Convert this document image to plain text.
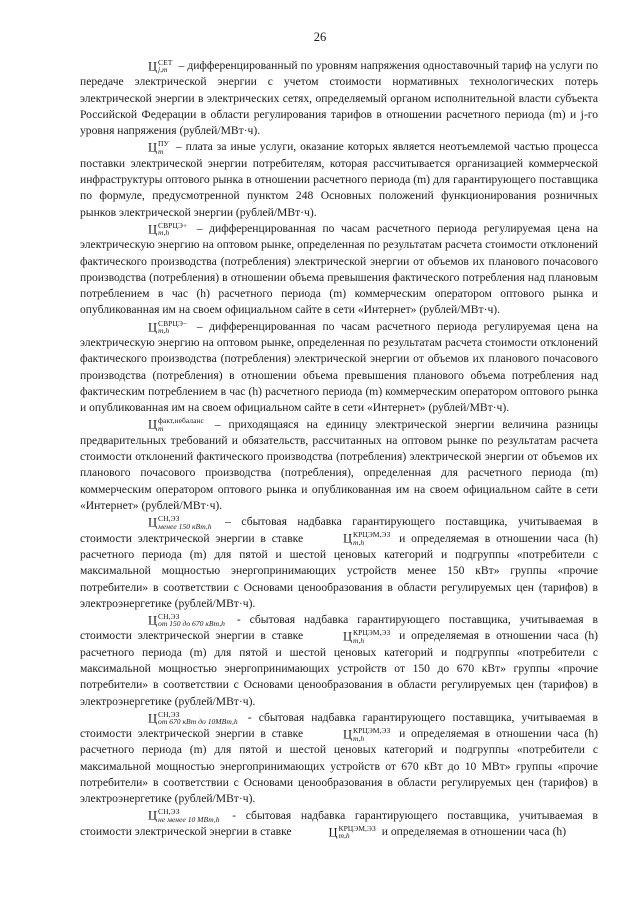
26

Ц СЕТ
j,m – дифференцированный по уровням напряжения одноставочный тариф на услуги по передаче электрической энергии с учетом стоимости нормативных технологических потерь электрической энергии в электрических сетях, определяемый органом исполнительной власти субъекта Российской Федерации в области регулирования тарифов в отношении расчетного периода (m) и j-го уровня напряжения (рублей/МВт·ч).

Ц ПУ
m – плата за иные услуги, оказание которых является неотъемлемой частью процесса поставки электрической энергии потребителям, которая рассчитывается организацией коммерческой инфраструктуры оптового рынка в отношении расчетного периода (m) для гарантирующего поставщика по формуле, предусмотренной пунктом 248 Основных положений функционирования розничных рынков электрической энергии (рублей/МВт·ч).

Ц СВРЦЭ+
m,h	– дифференцированная по часам расчетного периода регулируемая цена на электрическую энергию на оптовом рынке, определенная по результатам расчета стоимости отклонений фактического производства (потребления) электрической энергии от объемов их планового почасового производства (потребления) в отношении объема превышения фактического потребления над плановым потреблением в час (h) расчетного периода (m) коммерческим оператором оптового рынка и опубликованная им на своем официальном сайте в сети «Интернет» (рублей/МВт·ч).

Ц СВРЦЭ−
m,h	– дифференцированная по часам расчетного периода регулируемая цена на электрическую энергию на оптовом рынке, определенная по результатам расчета стоимости отклонений фактического производства (потребления) электрической энергии от объемов их планового почасового производства (потребления) в отношении объема превышения планового объема потребления над фактическим потреблением в час (h) расчетного периода (m) коммерческим оператором оптового рынка и опубликованная им на своем официальном сайте в сети «Интернет» (рублей/МВт·ч).

Ц факт,небаланс
m	– приходящаяся на единицу электрической энергии величина разницы предварительных требований и обязательств, рассчитанных на оптовом рынке по результатам расчета стоимости отклонений фактического производства (потребления) электрической энергии от объемов их планового почасового производства (потребления), определенная для расчетного периода (m) коммерческим оператором оптового рынка и опубликованная им на своем официальном сайте в сети «Интернет» (рублей/МВт·ч).

Ц СН,ЭЗ
менее 150 кВт,h – сбытовая надбавка гарантирующего поставщика, учитываемая в стоимости электрической энергии в ставке	Ц КРЦЭМ,ЭЗ
m,h	и определяемая в отношении часа (h) расчетного периода (m) для пятой и шестой ценовых категорий и подгруппы «потребители с максимальной мощностью энергопринимающих устройств менее 150 кВт» группы «прочие потребители» в соответствии с Основами ценообразования в области регулируемых цен (тарифов) в электроэнергетике (рублей/МВт·ч).

Ц СН,ЭЗ
от 150 до 670 кВт,h - сбытовая надбавка гарантирующего поставщика, учитываемая в стоимости электрической энергии в ставке	Ц КРЦЭМ,ЭЗ
m,h	и определяемая в отношении часа (h) расчетного периода (m) для пятой и шестой ценовых категорий и подгруппы «потребители с максимальной мощностью энергопринимающих устройств от 150 до 670 кВт» группы «прочие потребители» в соответствии с Основами ценообразования в области регулируемых цен (тарифов) в электроэнергетике (рублей/МВт·ч).

Ц СН,ЭЗ
от 670 кВт до 10МВт,h - сбытовая надбавка гарантирующего поставщика, учитываемая в стоимости электрической энергии в ставке	Ц КРЦЭМ,ЭЗ
m,h	и определяемая в отношении часа (h) расчетного периода (m) для пятой и шестой ценовых категорий и подгруппы «потребители с максимальной мощностью энергопринимающих устройств от 670 кВт до 10 МВт» группы «прочие потребители» в соответствии с Основами ценообразования в области регулируемых цен (тарифов) в электроэнергетике (рублей/МВт·ч).

Ц СН,ЭЗ
не менее 10 МВт,h - сбытовая надбавка гарантирующего поставщика, учитываемая в стоимости электрической энергии в ставке	Ц КРЦЭМ,ЭЗ
m,h	и определяемая в отношении часа (h)
